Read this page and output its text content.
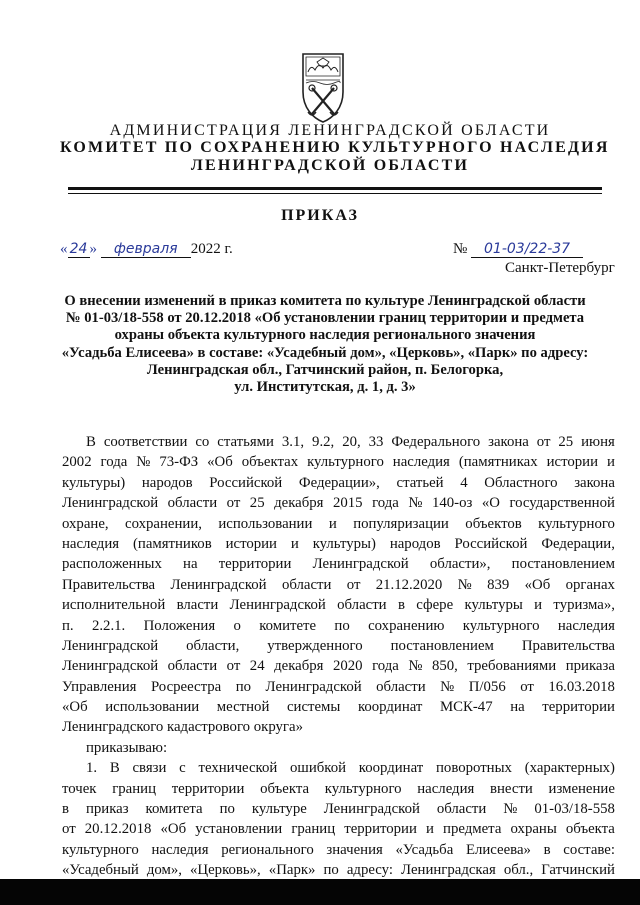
АДМИНИСТРАЦИЯ ЛЕНИНГРАДСКОЙ ОБЛАСТИ
КОМИТЕТ ПО СОХРАНЕНИЮ КУЛЬТУРНОГО НАСЛЕДИЯ
ЛЕНИНГРАДСКОЙ ОБЛАСТИ
ПРИКАЗ
« 24 » февраля 2022 г.	№ 01-03/22-37
Санкт-Петербург
О внесении изменений в приказ комитета по культуре Ленинградской области
№ 01-03/18-558 от 20.12.2018 «Об установлении границ территории и предмета
охраны объекта культурного наследия регионального значения
«Усадьба Елисеева» в составе: «Усадебный дом», «Церковь», «Парк» по адресу:
Ленинградская обл., Гатчинский район, п. Белогорка,
ул. Институтская, д. 1, д. 3»
В соответствии со статьями 3.1, 9.2, 20, 33 Федерального закона от 25 июня
2002 года № 73-ФЗ «Об объектах культурного наследия (памятниках истории и
культуры) народов Российской Федерации», статьей 4 Областного закона
Ленинградской области от 25 декабря 2015 года № 140-оз «О государственной
охране, сохранении, использовании и популяризации объектов культурного
наследия (памятников истории и культуры) народов Российской Федерации,
расположенных на территории Ленинградской области», постановлением
Правительства Ленинградской области от 21.12.2020 № 839 «Об органах
исполнительной власти Ленинградской области в сфере культуры и туризма»,
п. 2.2.1. Положения о комитете по сохранению культурного наследия
Ленинградской области, утвержденного постановлением Правительства
Ленинградской области от 24 декабря 2020 года № 850, требованиями приказа
Управления Росреестра по Ленинградской области № П/056 от 16.03.2018
«Об использовании местной системы координат МСК-47 на территории
Ленинградского кадастрового округа»
приказываю:
1. В связи с технической ошибкой координат поворотных (характерных)
точек границ территории объекта культурного наследия внести изменение
в приказ комитета по культуре Ленинградской области № 01-03/18-558
от 20.12.2018 «Об установлении границ территории и предмета охраны объекта
культурного наследия регионального значения «Усадьба Елисеева» в составе:
«Усадебный дом», «Церковь», «Парк» по адресу: Ленинградская обл., Гатчинский
